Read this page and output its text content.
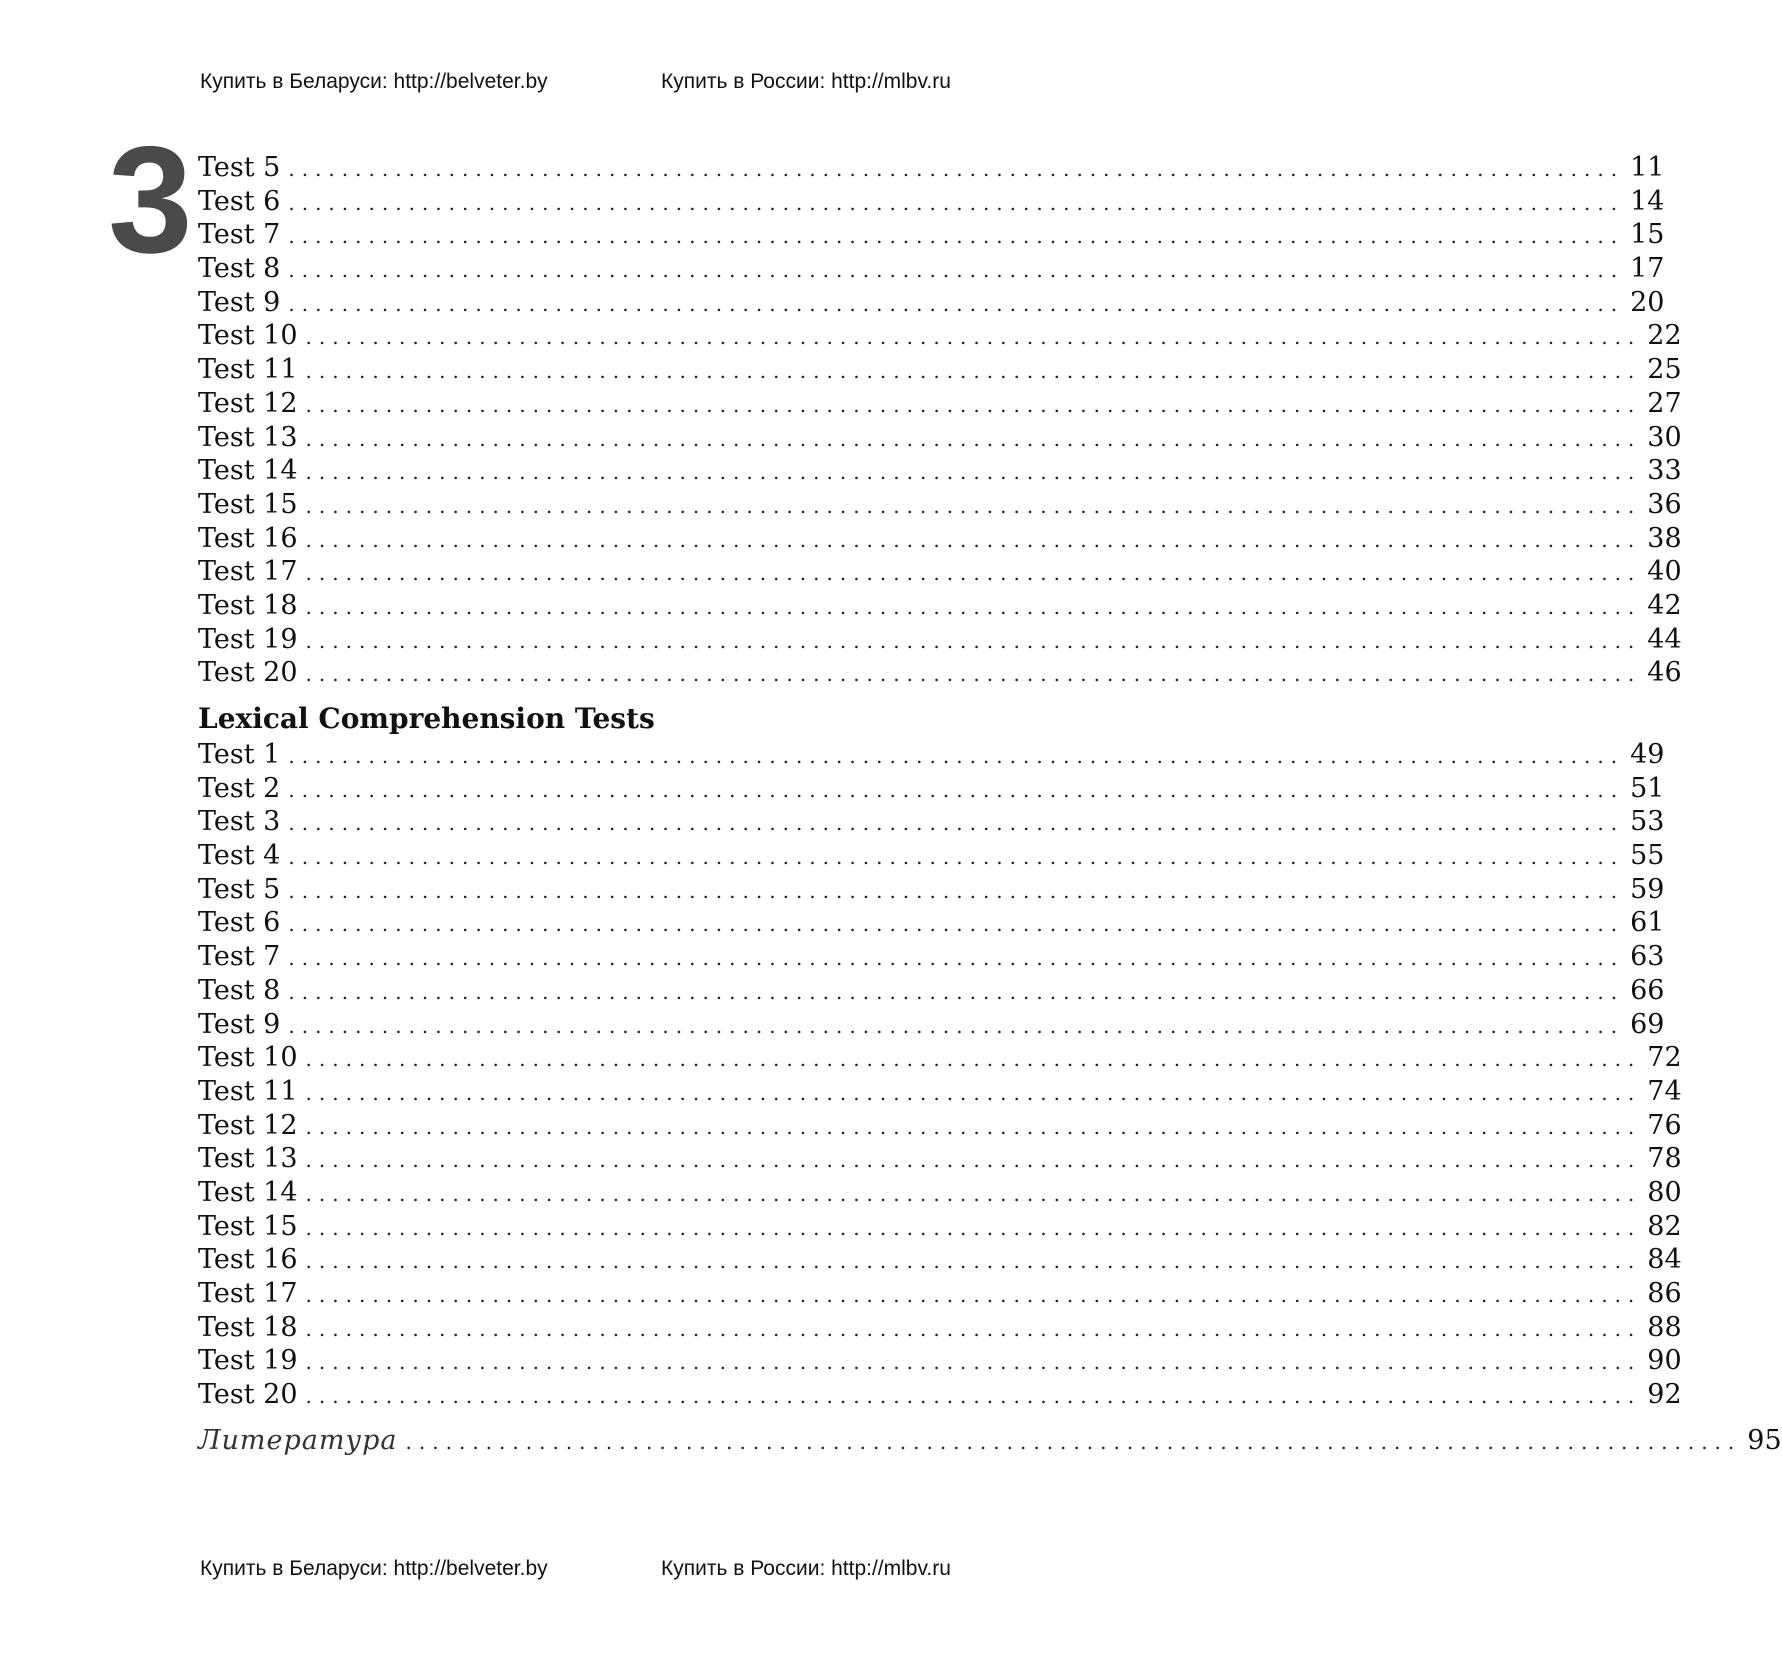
Купить в Беларуси: http://belveter.by	Купить в России: http://mlbv.ru
3 Test 5 .................................................................................................... 11
Test 6 .................................................................................................... 14
Test 7 .................................................................................................... 15
Test 8 .................................................................................................... 17
Test 9 .................................................................................................... 20
Test 10 .................................................................................................... 22
Test 11 .................................................................................................... 25
Test 12 .................................................................................................... 27
Test 13 .................................................................................................... 30
Test 14 .................................................................................................... 33
Test 15 .................................................................................................... 36
Test 16 .................................................................................................... 38
Test 17 .................................................................................................... 40
Test 18 .................................................................................................... 42
Test 19 .................................................................................................... 44
Test 20 .................................................................................................... 46
Lexical Comprehension Tests
Test 1 .................................................................................................... 49
Test 2 .................................................................................................... 51
Test 3 .................................................................................................... 53
Test 4 .................................................................................................... 55
Test 5 .................................................................................................... 59
Test 6 .................................................................................................... 61
Test 7 .................................................................................................... 63
Test 8 .................................................................................................... 66
Test 9 .................................................................................................... 69
Test 10 .................................................................................................... 72
Test 11 .................................................................................................... 74
Test 12 .................................................................................................... 76
Test 13 .................................................................................................... 78
Test 14 .................................................................................................... 80
Test 15 .................................................................................................... 82
Test 16 .................................................................................................... 84
Test 17 .................................................................................................... 86
Test 18 .................................................................................................... 88
Test 19 .................................................................................................... 90
Test 20 .................................................................................................... 92
Литература .................................................................................................... 95
Купить в Беларуси: http://belveter.by	Купить в России: http://mlbv.ru
